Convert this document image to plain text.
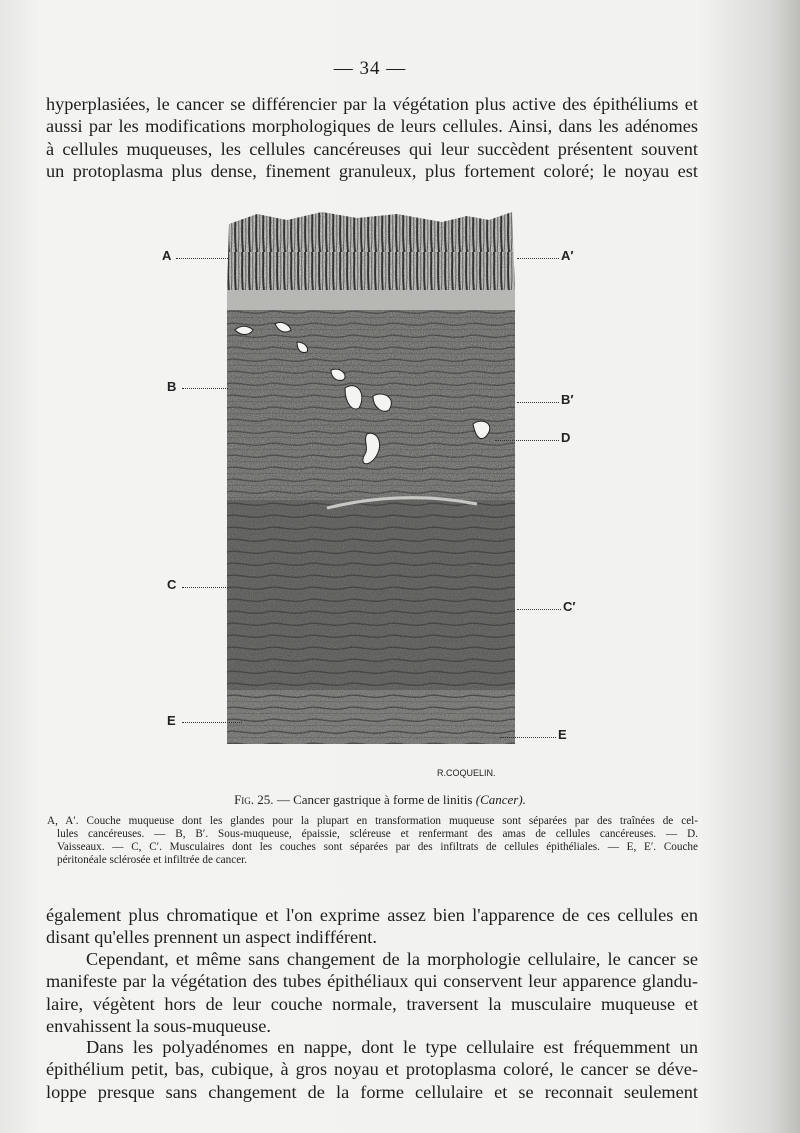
— 34 —

hyperplasiées, le cancer se différencier par la végétation plus active des épithéliums et
aussi par les modifications morphologiques de leurs cellules. Ainsi, dans les adénomes
à cellules muqueuses, les cellules cancéreuses qui leur succèdent présentent souvent
un protoplasma plus dense, finement granuleux, plus fortement coloré; le noyau est

R.COQUELIN.
A
B
C
E
A′
B′
D
C′
E
Fig. 25. — Cancer gastrique à forme de linitis (Cancer).

A, A′. Couche muqueuse dont les glandes pour la plupart en transformation muqueuse sont séparées par des traînées de cel-
lules cancéreuses. — B, B′. Sous-muqueuse, épaissie, scléreuse et renfermant des amas de cellules cancéreuses. — D.
Vaisseaux. — C, C′. Musculaires dont les couches sont séparées par des infiltrats de cellules épithéliales. — E, E′. Couche
péritonéale sclérosée et infiltrée de cancer.

également plus chromatique et l'on exprime assez bien l'apparence de ces cellules en
disant qu'elles prennent un aspect indifférent.

Cependant, et même sans changement de la morphologie cellulaire, le cancer se
manifeste par la végétation des tubes épithéliaux qui conservent leur apparence glandu-
laire, végètent hors de leur couche normale, traversent la musculaire muqueuse et
envahissent la sous-muqueuse.

Dans les polyadénomes en nappe, dont le type cellulaire est fréquemment un
épithélium petit, bas, cubique, à gros noyau et protoplasma coloré, le cancer se déve-
loppe presque sans changement de la forme cellulaire et se reconnait seulement
